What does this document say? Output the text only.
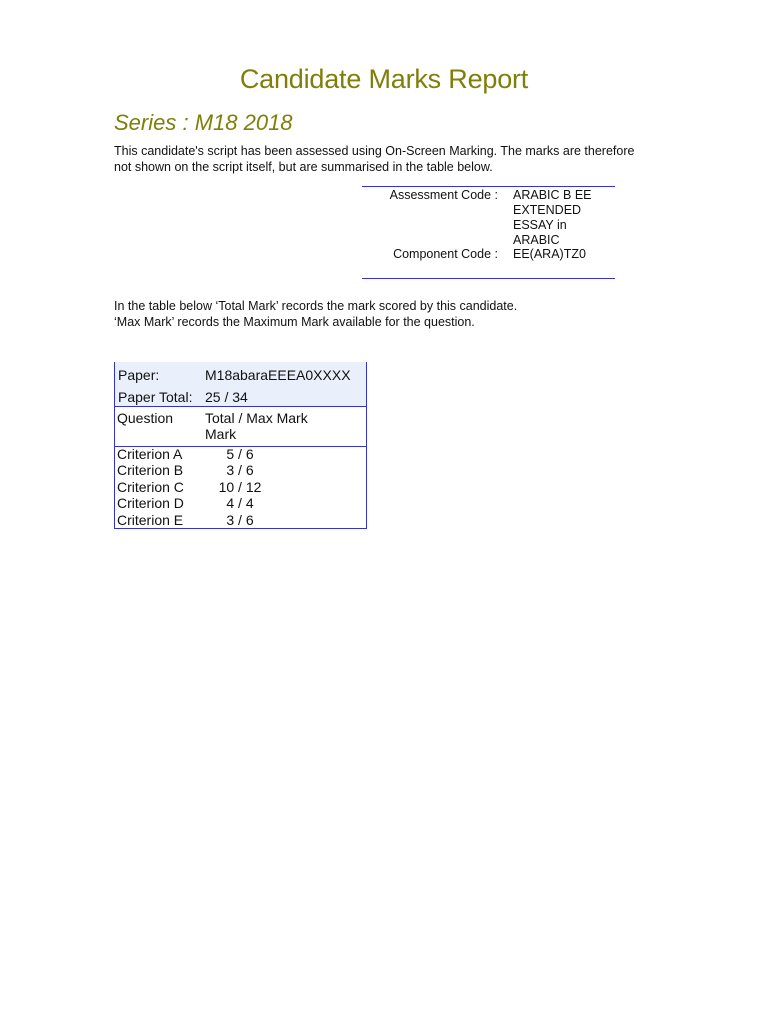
Candidate Marks Report
Series : M18 2018
This candidate's script has been assessed using On-Screen Marking. The marks are therefore not shown on the script itself, but are summarised in the table below.
Assessment Code : ARABIC B EE EXTENDED ESSAY in ARABIC
Component Code : EE(ARA)TZ0
In the table below ‘Total Mark’ records the mark scored by this candidate.
‘Max Mark’ records the Maximum Mark available for the question.
Paper:	M18abaraEEEA0XXXX
Paper Total: 25 / 34
Question Total / Max Mark
Mark
Criterion A	5 / 6
Criterion B	3 / 6
Criterion C	10 / 12
Criterion D	4 / 4
Criterion E	3 / 6
